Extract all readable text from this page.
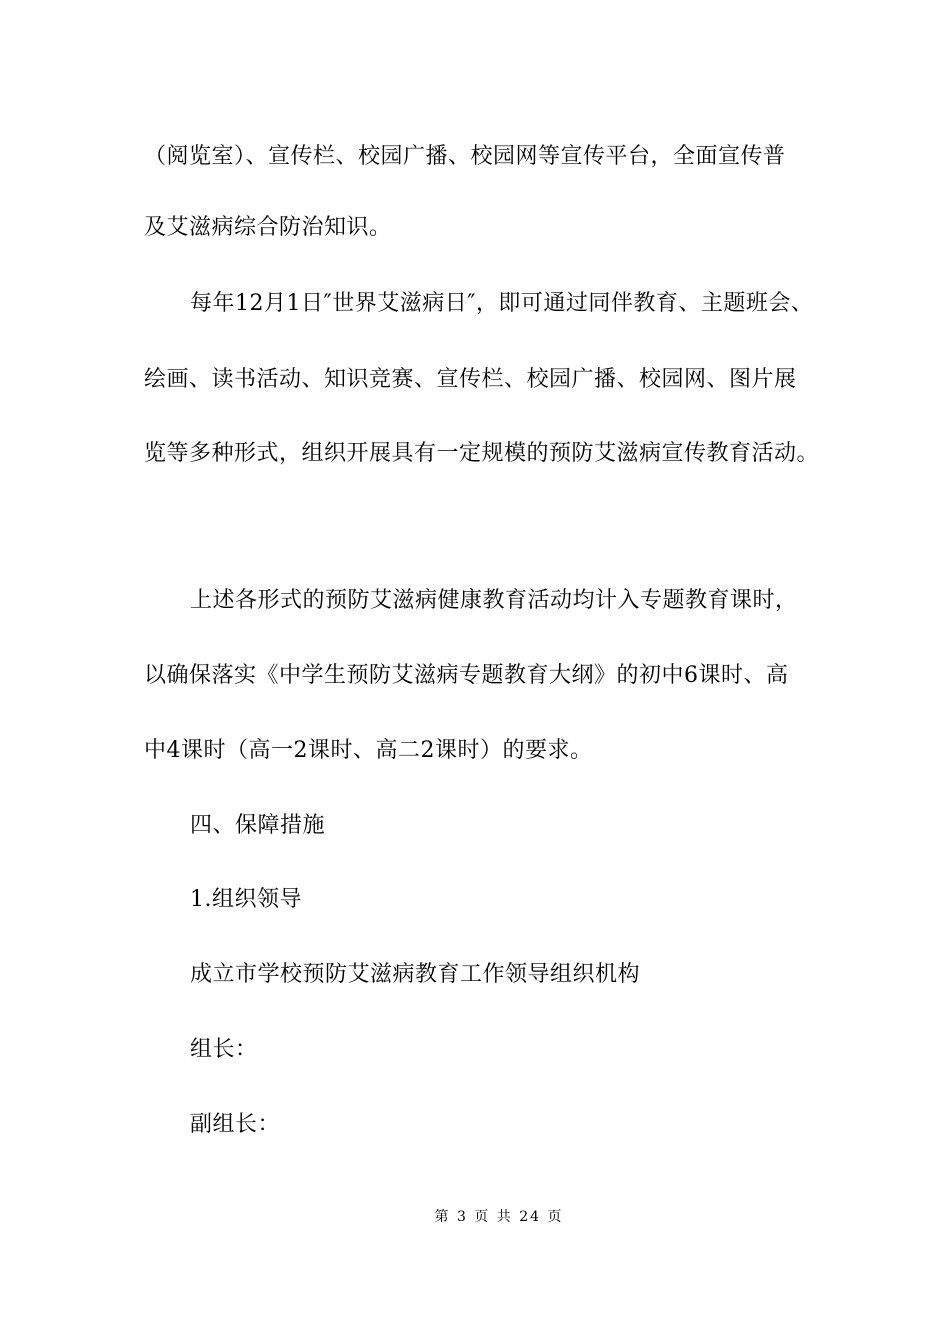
（阅览室）、宣传栏、校园广播、校园网等宣传平台，全面宣传普
及艾滋病综合防治知识。
每年12月1日″世界艾滋病日″，即可通过同伴教育、主题班会、
绘画、读书活动、知识竞赛、宣传栏、校园广播、校园网、图片展
览等多种形式，组织开展具有一定规模的预防艾滋病宣传教育活动。
上述各形式的预防艾滋病健康教育活动均计入专题教育课时，
以确保落实《中学生预防艾滋病专题教育大纲》的初中6课时、高
中4课时（高一2课时、高二2课时）的要求。
四、保障措施
1.组织领导
成立市学校预防艾滋病教育工作领导组织机构
组长：
副组长：
第 3 页 共 24 页
